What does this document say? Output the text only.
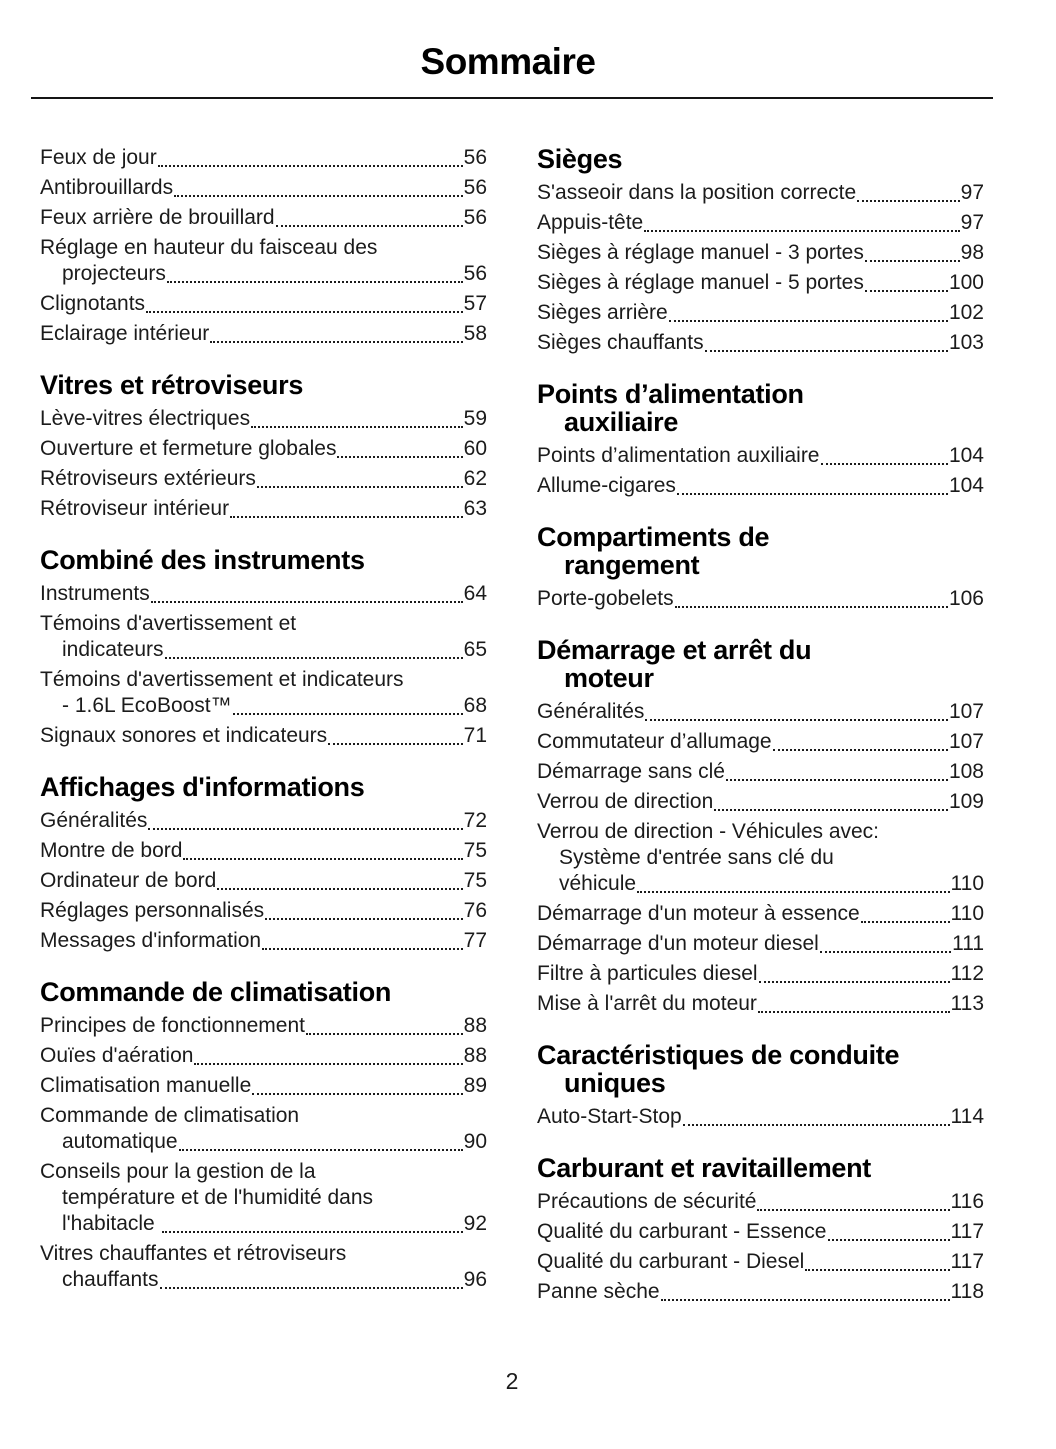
Sommaire
Feux de jour	56
Antibrouillards	56
Feux arrière de brouillard	56
Réglage en hauteur du faisceau des
projecteurs	56
Clignotants	57
Eclairage intérieur	58
Vitres et rétroviseurs
Lève-vitres électriques	59
Ouverture et fermeture globales	60
Rétroviseurs extérieurs	62
Rétroviseur intérieur	63
Combiné des instruments
Instruments	64
Témoins d'avertissement et
indicateurs	65
Témoins d'avertissement et indicateurs
- 1.6L EcoBoost™	68
Signaux sonores et indicateurs	71
Affichages d'informations
Généralités	72
Montre de bord	75
Ordinateur de bord	75
Réglages personnalisés	76
Messages d'information	77
Commande de climatisation
Principes de fonctionnement	88
Ouïes d'aération	88
Climatisation manuelle	89
Commande de climatisation
automatique	90
Conseils pour la gestion de la
température et de l'humidité dans
l'habitacle	92
Vitres chauffantes et rétroviseurs
chauffants	96
Sièges
S'asseoir dans la position correcte	97
Appuis-tête	97
Sièges à réglage manuel - 3 portes	98
Sièges à réglage manuel - 5 portes	100
Sièges arrière	102
Sièges chauffants	103
Points d’alimentation
auxiliaire
Points d’alimentation auxiliaire	104
Allume-cigares	104
Compartiments de
rangement
Porte-gobelets	106
Démarrage et arrêt du
moteur
Généralités	107
Commutateur d’allumage	107
Démarrage sans clé	108
Verrou de direction	109
Verrou de direction - Véhicules avec:
Système d'entrée sans clé du
véhicule	110
Démarrage d'un moteur à essence	110
Démarrage d'un moteur diesel	111
Filtre à particules diesel	112
Mise à l'arrêt du moteur	113
Caractéristiques de conduite
uniques
Auto-Start-Stop	114
Carburant et ravitaillement
Précautions de sécurité	116
Qualité du carburant - Essence	117
Qualité du carburant - Diesel	117
Panne sèche	118
2
